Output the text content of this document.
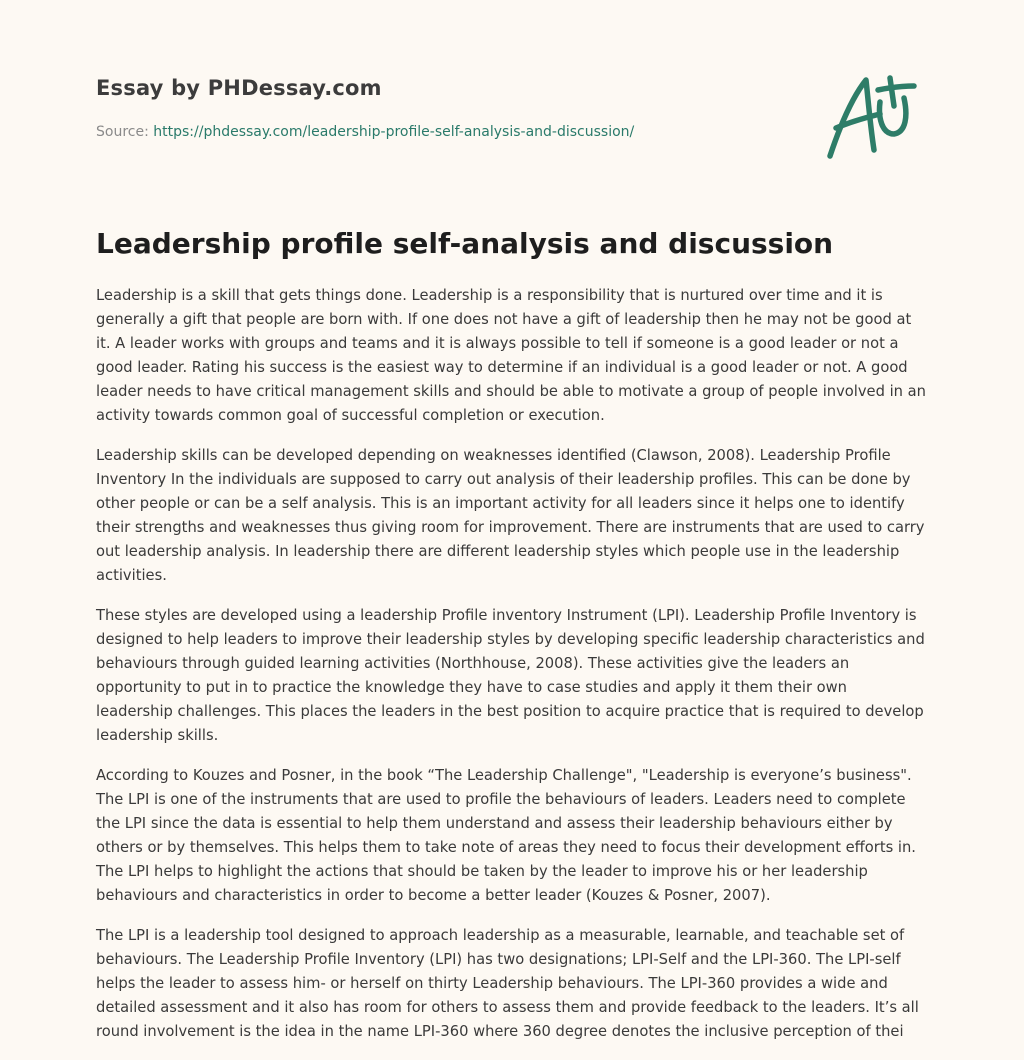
Essay by PHDessay.com
Source: https://phdessay.com/leadership-profile-self-analysis-and-discussion/
Leadership profile self-analysis and discussion

Leadership is a skill that gets things done. Leadership is a responsibility that is nurtured over time and it is generally a gift that people are born with. If one does not have a gift of leadership then he may not be good at it. A leader works with groups and teams and it is always possible to tell if someone is a good leader or not a good leader. Rating his success is the easiest way to determine if an individual is a good leader or not. A good leader needs to have critical management skills and should be able to motivate a group of people involved in an activity towards common goal of successful completion or execution.

Leadership skills can be developed depending on weaknesses identified (Clawson, 2008). Leadership Profile Inventory In the individuals are supposed to carry out analysis of their leadership profiles. This can be done by other people or can be a self analysis. This is an important activity for all leaders since it helps one to identify their strengths and weaknesses thus giving room for improvement. There are instruments that are used to carry out leadership analysis. In leadership there are different leadership styles which people use in the leadership activities.

These styles are developed using a leadership Profile inventory Instrument (LPI). Leadership Profile Inventory is designed to help leaders to improve their leadership styles by developing specific leadership characteristics and behaviours through guided learning activities (Northhouse, 2008). These activities give the leaders an opportunity to put in to practice the knowledge they have to case studies and apply it them their own leadership challenges. This places the leaders in the best position to acquire practice that is required to develop leadership skills.

According to Kouzes and Posner, in the book “The Leadership Challenge", "Leadership is everyone’s business". The LPI is one of the instruments that are used to profile the behaviours of leaders. Leaders need to complete the LPI since the data is essential to help them understand and assess their leadership behaviours either by others or by themselves. This helps them to take note of areas they need to focus their development efforts in. The LPI helps to highlight the actions that should be taken by the leader to improve his or her leadership behaviours and characteristics in order to become a better leader (Kouzes & Posner, 2007).

The LPI is a leadership tool designed to approach leadership as a measurable, learnable, and teachable set of behaviours. The Leadership Profile Inventory (LPI) has two designations; LPI-Self and the LPI-360. The LPI-self helps the leader to assess him- or herself on thirty Leadership behaviours. The LPI-360 provides a wide and detailed assessment and it also has room for others to assess them and provide feedback to the leaders. It’s all round involvement is the idea in the name LPI-360 where 360 degree denotes the inclusive perception of thei
